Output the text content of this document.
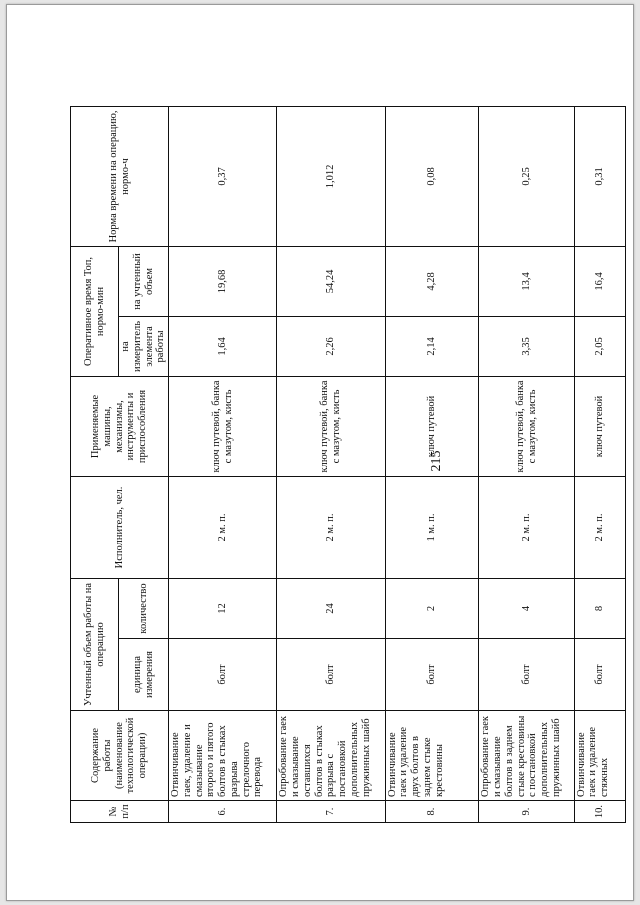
215
№ п/п	Содержание работы (наименование технологической операции)	Учтенный объем работы на операцию		Исполнитель, чел.	Применяемые машины, механизмы, инструменты и приспособления	Оперативное время Топ, нормо-мин		Норма времени на операцию, нормо-ч
		единица измерения	количество			на измеритель элемента работы	на учтенный объем	
6.	Отвинчивание гаек, удаление и смазывание второго и пятого болтов в стыках разрыва стрелочного перевода	болт	12	2 м. п.	ключ путевой, банка с мазутом, кисть	1,64	19,68	0,37
7.	Опробование гаек и смазывание оставшихся болтов в стыках разрыва с постановкой дополнительных пружинных шайб	болт	24	2 м. п.	ключ путевой, банка с мазутом, кисть	2,26	54,24	1,012
8.	Отвинчивание гаек и удаление двух болтов в заднем стыке крестовины	болт	2	1 м. п.	ключ путевой	2,14	4,28	0,08
9.	Опробование гаек и смазывание болтов в заднем стыке крестовины с постановкой дополнительных пружинных шайб	болт	4	2 м. п.	ключ путевой, банка с мазутом, кисть	3,35	13,4	0,25
10.	Отвинчивание гаек и удаление стяжных	болт	8	2 м. п.	ключ путевой	2,05	16,4	0,31
